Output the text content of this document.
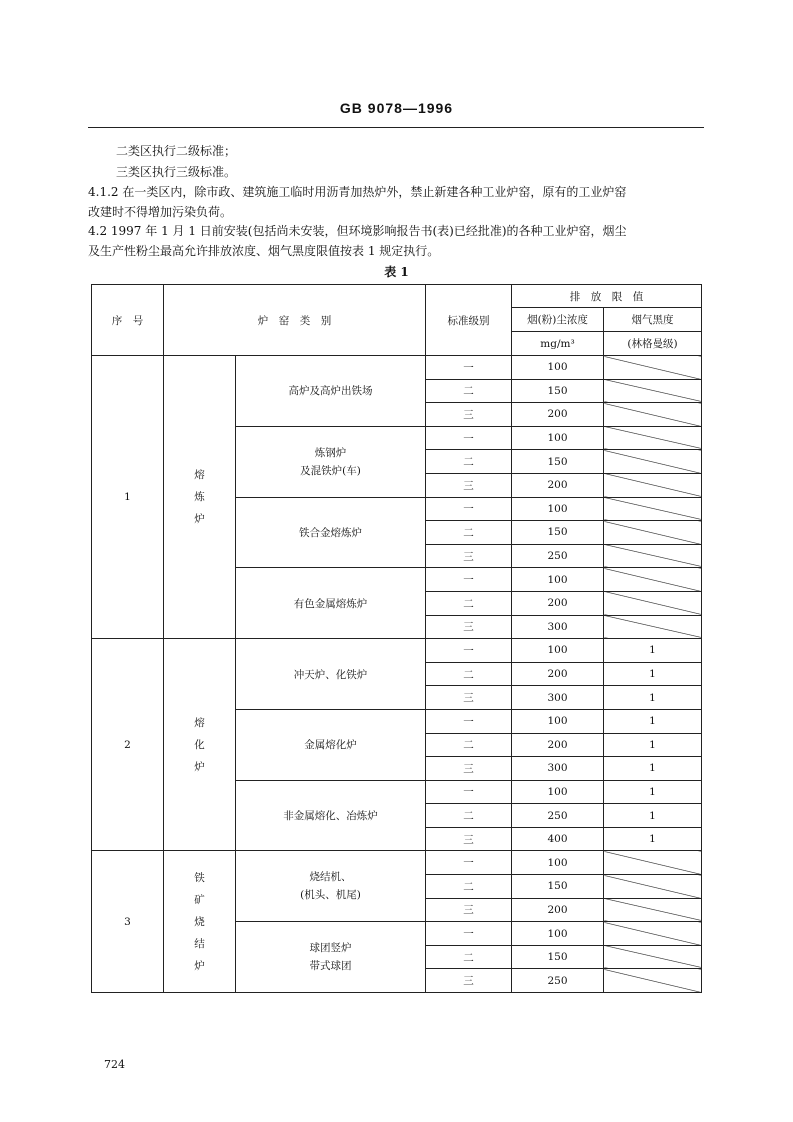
GB 9078—1996
二类区执行二级标准；
三类区执行三级标准。
4.1.2 在一类区内，除市政、建筑施工临时用沥青加热炉外，禁止新建各种工业炉窑，原有的工业炉窑
改建时不得增加污染负荷。
4.2 1997 年 1 月 1 日前安装(包括尚未安装，但环境影响报告书(表)已经批准)的各种工业炉窑，烟尘
及生产性粉尘最高允许排放浓度、烟气黑度限值按表 1 规定执行。
表 1
序　号	炉　窑　类　别		标准级别	排　放　限　值	
				烟(粉)尘浓度	烟气黑度
				mg/m³	(林格曼级)
1	熔炼炉	高炉及高炉出铁场	一	100	
			二	150	
			三	200	

		炼钢炉
及混铁炉(车)	一	100	
			二	150	
			三	200	
		铁合金熔炼炉	一	100	
			二	150	
			三	250	
		有色金属熔炼炉	一	100	
			二	200	
			三	300	
2	熔化炉	冲天炉、化铁炉	一	100	1
			二	200	1
			三	300	1
		金属熔化炉	一	100	1
			二	200	1
			三	300	1
		非金属熔化、冶炼炉	一	100	1
			二	250	1
			三	400	1
3	铁矿烧结炉	烧结机、
(机头、机尾)	一	100	
			二	150	
			三	200	

		球团竖炉
带式球团	一	100	
			二	150	
			三	250	
724
